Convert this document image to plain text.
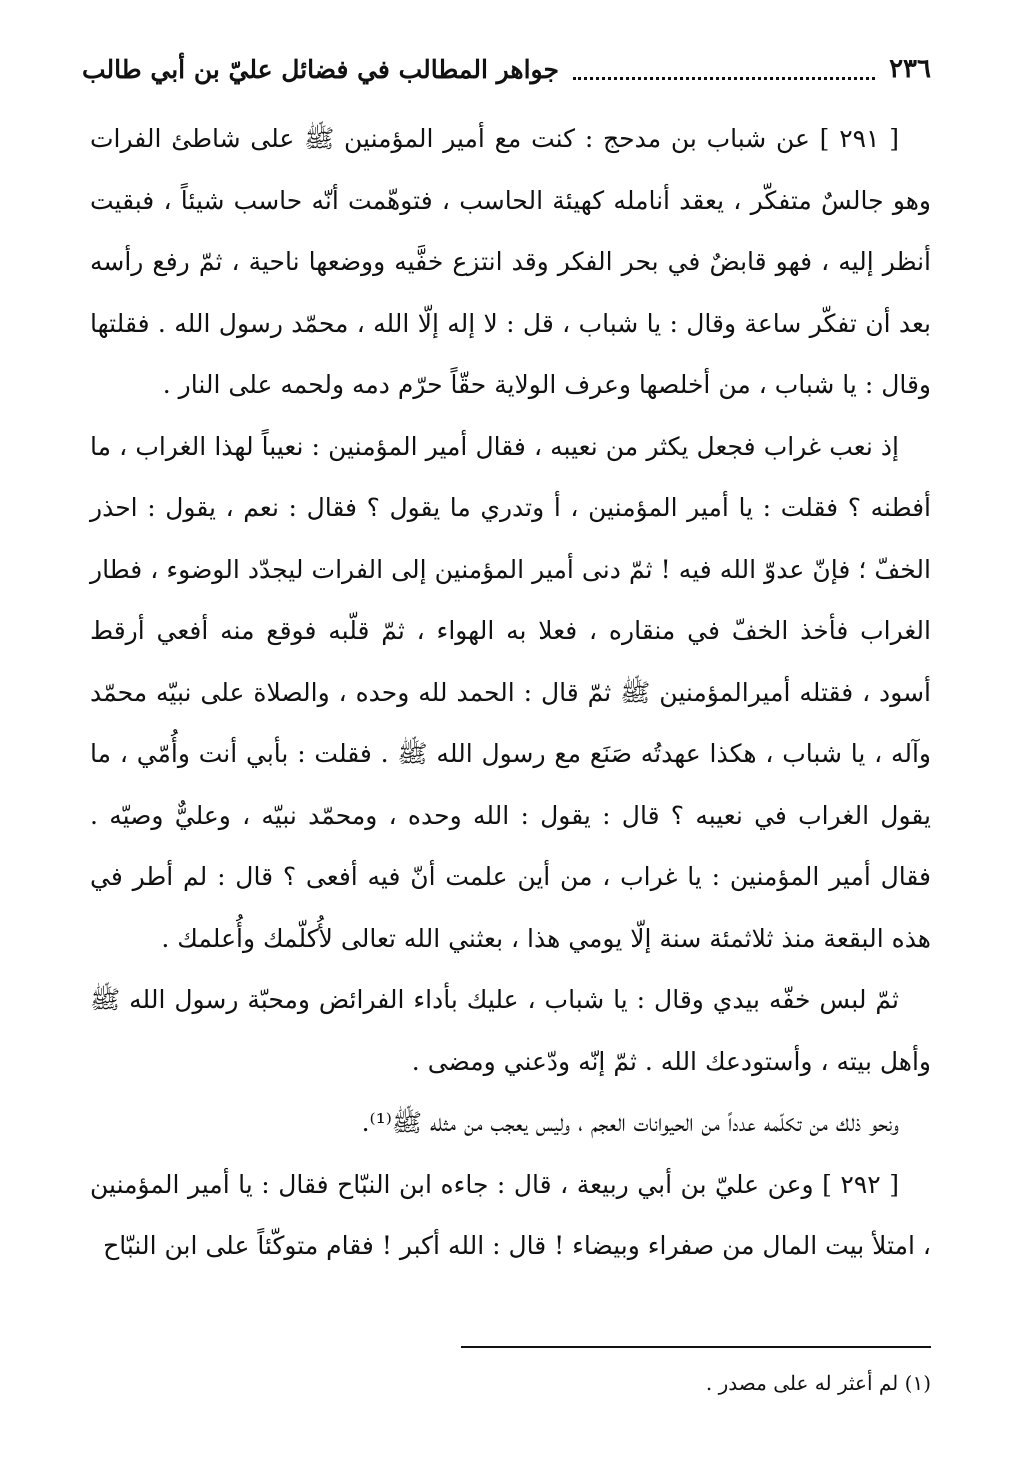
٢٣٦
جواهر المطالب في فضائل عليّ بن أبي طالب

[ ٢٩١ ] عن شباب بن مدحج : كنت مع أمير المؤمنين ﷺ على شاطئ الفرات وهو جالسٌ متفكّر ، يعقد أنامله كهيئة الحاسب ، فتوهّمت أنّه حاسب شيئاً ، فبقيت أنظر إليه ، فهو قابضٌ في بحر الفكر وقد انتزع خفَّيه ووضعها ناحية ، ثمّ رفع رأسه بعد أن تفكّر ساعة وقال : يا شباب ، قل : لا إله إلّا الله ، محمّد رسول الله . فقلتها وقال : يا شباب ، من أخلصها وعرف الولاية حقّاً حرّم دمه ولحمه على النار .

إذ نعب غراب فجعل يكثر من نعيبه ، فقال أمير المؤمنين : نعيباً لهذا الغراب ، ما أفطنه ؟ فقلت : يا أمير المؤمنين ، أ وتدري ما يقول ؟ فقال : نعم ، يقول : احذر الخفّ ؛ فإنّ عدوّ الله فيه ! ثمّ دنى أمير المؤمنين إلى الفرات ليجدّد الوضوء ، فطار الغراب فأخذ الخفّ في منقاره ، فعلا به الهواء ، ثمّ قلّبه فوقع منه أفعي أرقط أسود ، فقتله أميرالمؤمنين ﷺ ثمّ قال : الحمد لله وحده ، والصلاة على نبيّه محمّد وآله ، يا شباب ، هكذا عهدتُه صَنَع مع رسول الله ﷺ . فقلت : بأبي أنت وأُمّي ، ما يقول الغراب في نعيبه ؟ قال : يقول : الله وحده ، ومحمّد نبيّه ، وعليٌّ وصيّه . فقال أمير المؤمنين : يا غراب ، من أين علمت أنّ فيه أفعى ؟ قال : لم أطر في هذه البقعة منذ ثلاثمئة سنة إلّا يومي هذا ، بعثني الله تعالى لأُكلّمك وأُعلمك .

ثمّ لبس خفّه بيدي وقال : يا شباب ، عليك بأداء الفرائض ومحبّة رسول الله ﷺ وأهل بيته ، وأستودعك الله . ثمّ إنّه ودّعني ومضى .

ونحو ذلك من تكلّمه عدداً من الحيوانات العجم ، وليس يعجب من مثله ﷺ⁽¹⁾.

[ ٢٩٢ ] وعن عليّ بن أبي ربيعة ، قال : جاءه ابن النبّاح فقال : يا أمير المؤمنين ، امتلأ بيت المال من صفراء وبيضاء ! قال : الله أكبر ! فقام متوكّئاً على ابن النبّاح

(١) لم أعثر له على مصدر .
